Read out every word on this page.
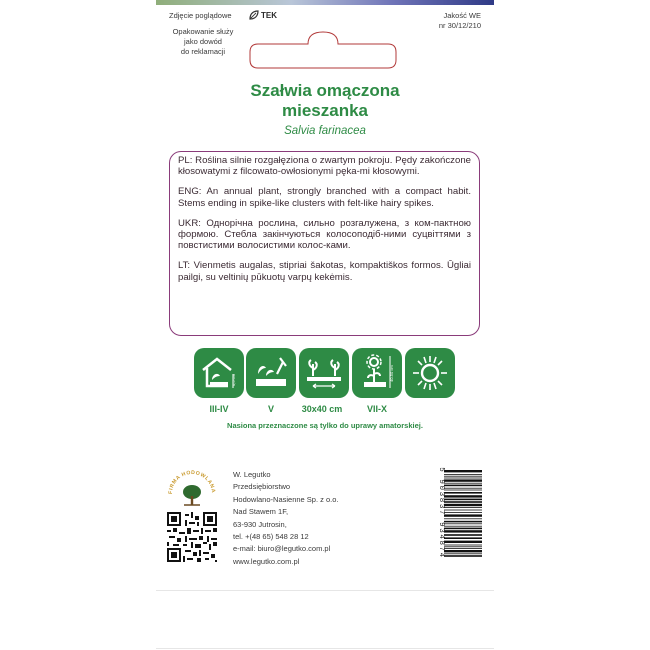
Zdjęcie poglądowe	TEK	Jakość WE
nr 30/12/210
Opakowanie służy
jako dowód
do reklamacji
Szałwia omączona
mieszanka
Salvia farinacea

PL: Roślina silnie rozgałęziona o zwartym pokroju. Pędy zakończone kłosowatymi z filcowato-owłosionymi pęka-mi kłosowymi.

ENG: An annual plant, strongly branched with a compact habit. Stems ending in spike-like clusters with felt-like hairy spikes.

UKR: Однорічна рослина, сильно розгалужена, з ком-пактною формою. Стебла закінчуються колосоподіб-ними суцвіттями з повстистими волосистими колос-ками.

LT: Vienmetis augalas, stipriai šakotas, kompaktiškos formos. Ūgliai pailgi, su veltinių pūkuotų varpų kekėmis.

0,5 cm	40-50 cm
III-IV	V	30x40 cm	VII-X
Nasiona przeznaczone są tylko do uprawy amatorskiej.
FIRMA HODOWLANA
W. Legutko
Przedsiębiorstwo
Hodowlano-Nasienne Sp. z o.o.
Nad Stawem 1F,
63-930 Jutrosin,
tel. +(48 65) 548 28 12
e-mail: biuro@legutko.com.pl
www.legutko.com.pl
5 903837 934874
